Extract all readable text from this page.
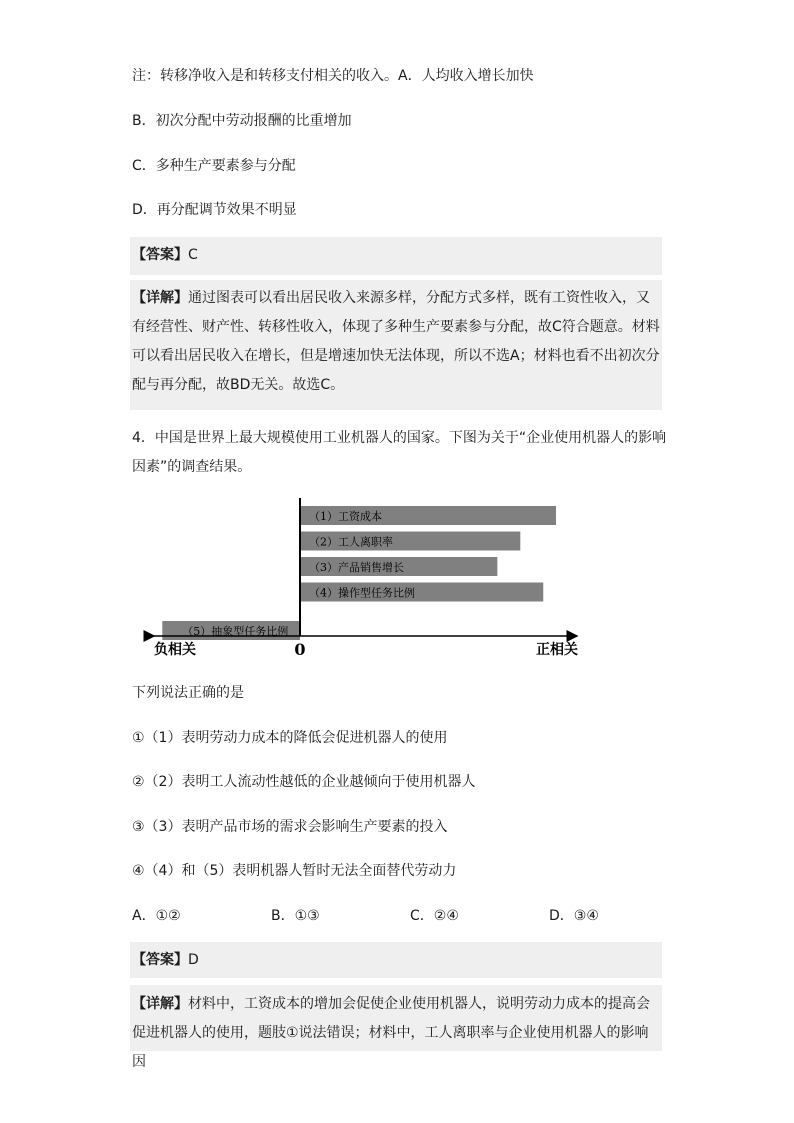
注：转移净收入是和转移支付相关的收入。A．人均收入增长加快
B．初次分配中劳动报酬的比重增加
C．多种生产要素参与分配
D．再分配调节效果不明显
【答案】C
【详解】通过图表可以看出居民收入来源多样，分配方式多样，既有工资性收入，又有经营性、财产性、转移性收入，体现了多种生产要素参与分配，故C符合题意。材料可以看出居民收入在增长，但是增速加快无法体现，所以不选A；材料也看不出初次分配与再分配，故BD无关。故选C。
4．中国是世界上最大规模使用工业机器人的国家。下图为关于“企业使用机器人的影响
因素”的调查结果。
（1）工资成本
（2）工人离职率
（3）产品销售增长
（4）操作型任务比例
（5）抽象型任务比例
负相关	0	正相关
下列说法正确的是
①（1）表明劳动力成本的降低会促进机器人的使用
②（2）表明工人流动性越低的企业越倾向于使用机器人
③（3）表明产品市场的需求会影响生产要素的投入
④（4）和（5）表明机器人暂时无法全面替代劳动力
A．①②	B．①③	C．②④	D．③④
【答案】D
【详解】材料中，工资成本的增加会促使企业使用机器人，说明劳动力成本的提高会促进机器人的使用，题肢①说法错误；材料中，工人离职率与企业使用机器人的影响因
